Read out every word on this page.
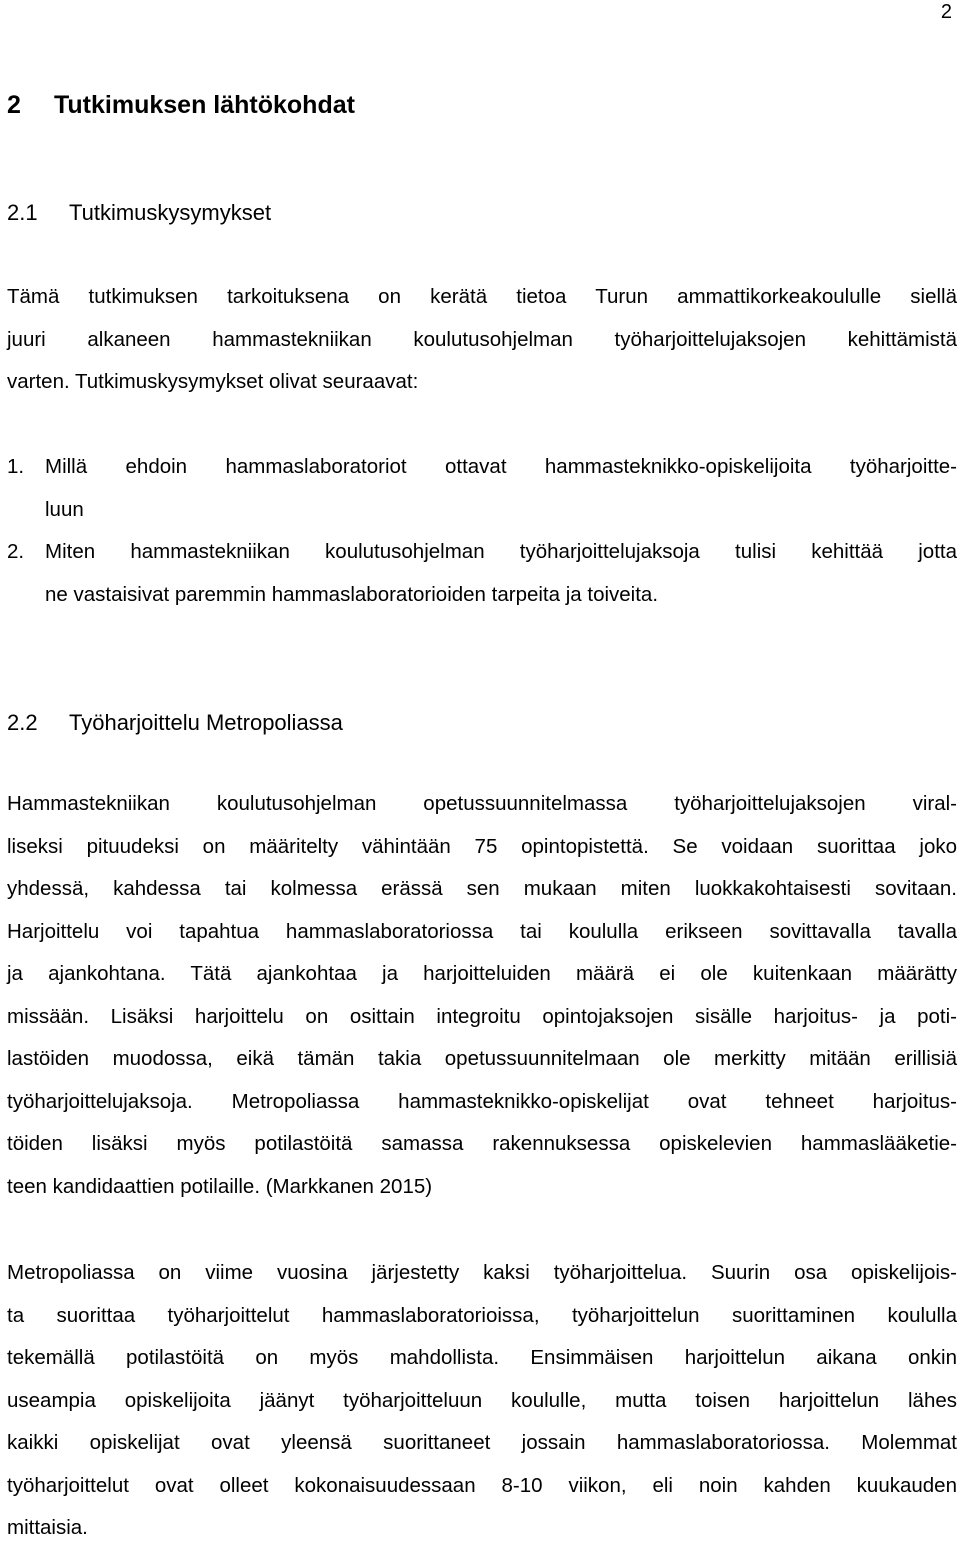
2
2 Tutkimuksen lähtökohdat
2.1 Tutkimuskysymykset

Tämä tutkimuksen tarkoituksena on kerätä tietoa Turun ammattikorkeakoululle siellä
juuri alkaneen hammastekniikan koulutusohjelman työharjoittelujaksojen kehittämistä
varten. Tutkimuskysymykset olivat seuraavat:

1. Millä ehdoin hammaslaboratoriot ottavat hammasteknikko-opiskelijoita työharjoitte-
luun
2. Miten hammastekniikan koulutusohjelman työharjoittelujaksoja tulisi kehittää jotta
ne vastaisivat paremmin hammaslaboratorioiden tarpeita ja toiveita.
2.2 Työharjoittelu Metropoliassa

Hammastekniikan koulutusohjelman opetussuunnitelmassa työharjoittelujaksojen viral-
liseksi pituudeksi on määritelty vähintään 75 opintopistettä. Se voidaan suorittaa joko
yhdessä, kahdessa tai kolmessa erässä sen mukaan miten luokkakohtaisesti sovitaan.
Harjoittelu voi tapahtua hammaslaboratoriossa tai koululla erikseen sovittavalla tavalla
ja ajankohtana. Tätä ajankohtaa ja harjoitteluiden määrä ei ole kuitenkaan määrätty
missään. Lisäksi harjoittelu on osittain integroitu opintojaksojen sisälle harjoitus- ja poti-
lastöiden muodossa, eikä tämän takia opetussuunnitelmaan ole merkitty mitään erillisiä
työharjoittelujaksoja. Metropoliassa hammasteknikko-opiskelijat ovat tehneet harjoitus-
töiden lisäksi myös potilastöitä samassa rakennuksessa opiskelevien hammaslääketie-
teen kandidaattien potilaille. (Markkanen 2015)

Metropoliassa on viime vuosina järjestetty kaksi työharjoittelua. Suurin osa opiskelijois-
ta suorittaa työharjoittelut hammaslaboratorioissa, työharjoittelun suorittaminen koululla
tekemällä potilastöitä on myös mahdollista. Ensimmäisen harjoittelun aikana onkin
useampia opiskelijoita jäänyt työharjoitteluun koululle, mutta toisen harjoittelun lähes
kaikki opiskelijat ovat yleensä suorittaneet jossain hammaslaboratoriossa. Molemmat
työharjoittelut ovat olleet kokonaisuudessaan 8-10 viikon, eli noin kahden kuukauden
mittaisia.
